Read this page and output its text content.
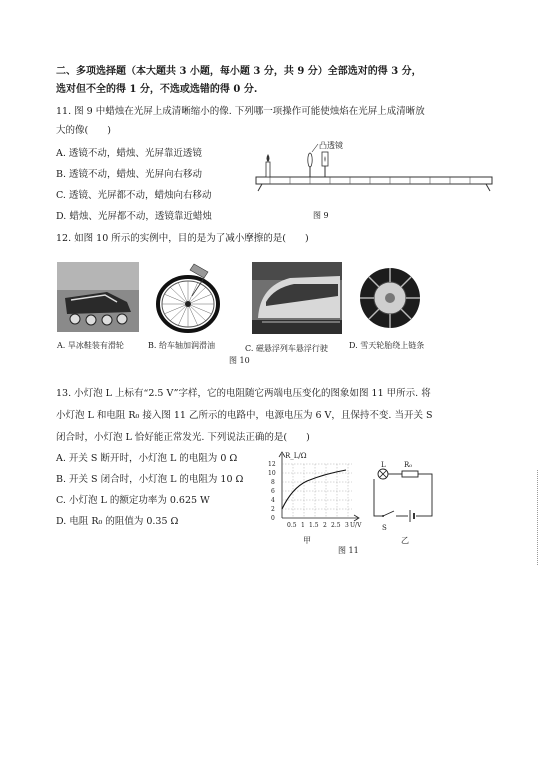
二、多项选择题（本大题共 3 小题，每小题 3 分，共 9 分）全部选对的得 3 分，
选对但不全的得 1 分，不选或选错的得 0 分.
11. 图 9 中蜡烛在光屏上成清晰缩小的像. 下列哪一项操作可能使烛焰在光屏上成清晰放
大的像(　　)
A. 透镜不动，蜡烛、光屏靠近透镜
B. 透镜不动，蜡烛、光屏向右移动
C. 透镜、光屏都不动，蜡烛向右移动
D. 蜡烛、光屏都不动，透镜靠近蜡烛
凸透镜
图 9
12. 如图 10 所示的实例中，目的是为了减小摩擦的是(　　)
A. 旱冰鞋装有滑轮	B. 给车轴加润滑油	C. 磁悬浮列车悬浮行驶	D. 雪天轮胎绕上链条
图 10
13. 小灯泡 L 上标有“2.5 V”字样，它的电阻随它两端电压变化的图象如图 11 甲所示. 将
小灯泡 L 和电阻 R₀ 接入图 11 乙所示的电路中，电源电压为 6 V，且保持不变. 当开关 S
闭合时，小灯泡 L 恰好能正常发光. 下列说法正确的是(　　)
A. 开关 S 断开时，小灯泡 L 的电阻为 0 Ω
B. 开关 S 闭合时，小灯泡 L 的电阻为 10 Ω
C. 小灯泡 L 的额定功率为 0.625 W
D. 电阻 R₀ 的阻值为 0.35 Ω
R_L/Ω
12
10
8
6
4
2
0
0.5 1 1.5 2 2.5 3 U/V
甲
L	R₀
S
乙
图 11
